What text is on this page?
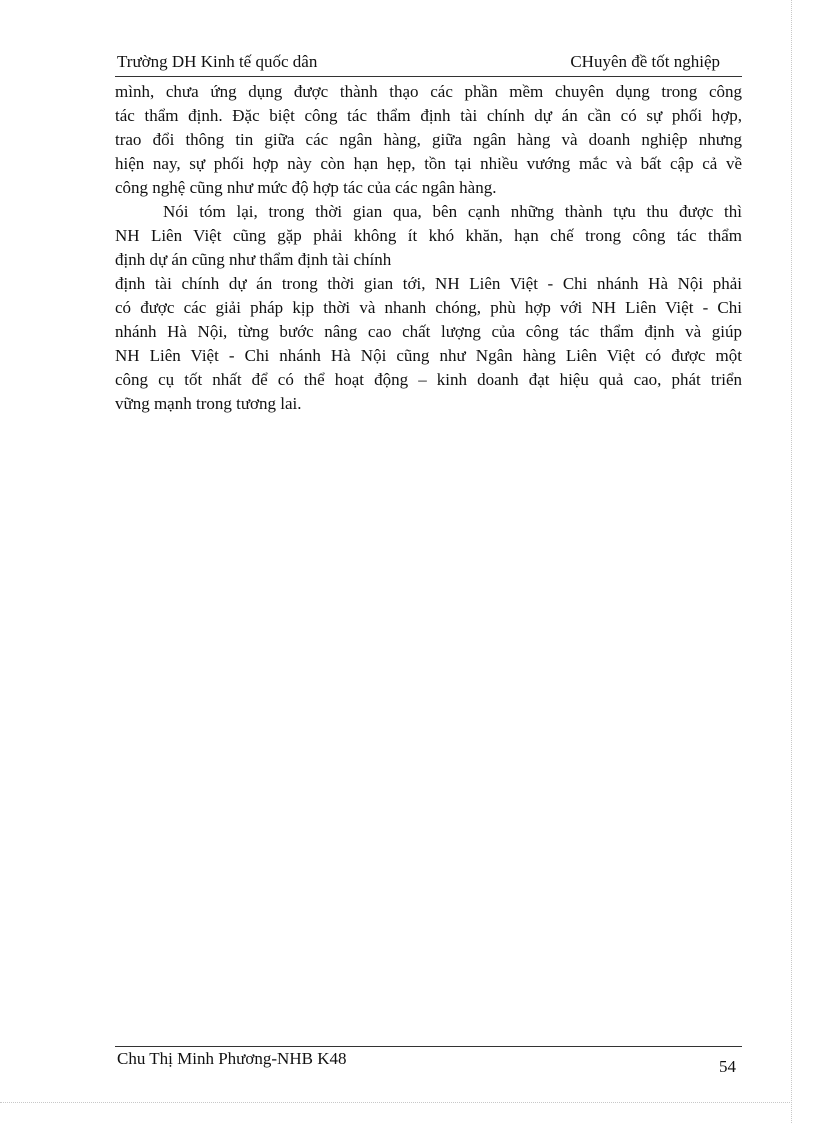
Trường DH Kinh tế quốc dân	CHuyên đề tốt nghiệp
mình, chưa ứng dụng được thành thạo các phần mềm chuyên dụng trong công
tác thẩm định. Đặc biệt công tác thẩm định tài chính dự án cần có sự phối hợp,
trao đổi thông tin giữa các ngân hàng, giữa ngân hàng và doanh nghiệp nhưng
hiện nay, sự phối hợp này còn hạn hẹp, tồn tại nhiều vướng mắc và bất cập cả về
công nghệ cũng như mức độ hợp tác của các ngân hàng.
Nói tóm lại, trong thời gian qua, bên cạnh những thành tựu thu được thì
NH Liên Việt cũng gặp phải không ít khó khăn, hạn chế trong công tác thẩm
định dự án cũng như thẩm định tài chính
định tài chính dự án trong thời gian tới, NH Liên Việt - Chi nhánh Hà Nội phải
có được các giải pháp kịp thời và nhanh chóng, phù hợp với NH Liên Việt - Chi
nhánh Hà Nội, từng bước nâng cao chất lượng của công tác thẩm định và giúp
NH Liên Việt - Chi nhánh Hà Nội cũng như Ngân hàng Liên Việt có được một
công cụ tốt nhất để có thể hoạt động – kinh doanh đạt hiệu quả cao, phát triển
vững mạnh trong tương lai.
Chu Thị Minh Phương-NHB K48	54
